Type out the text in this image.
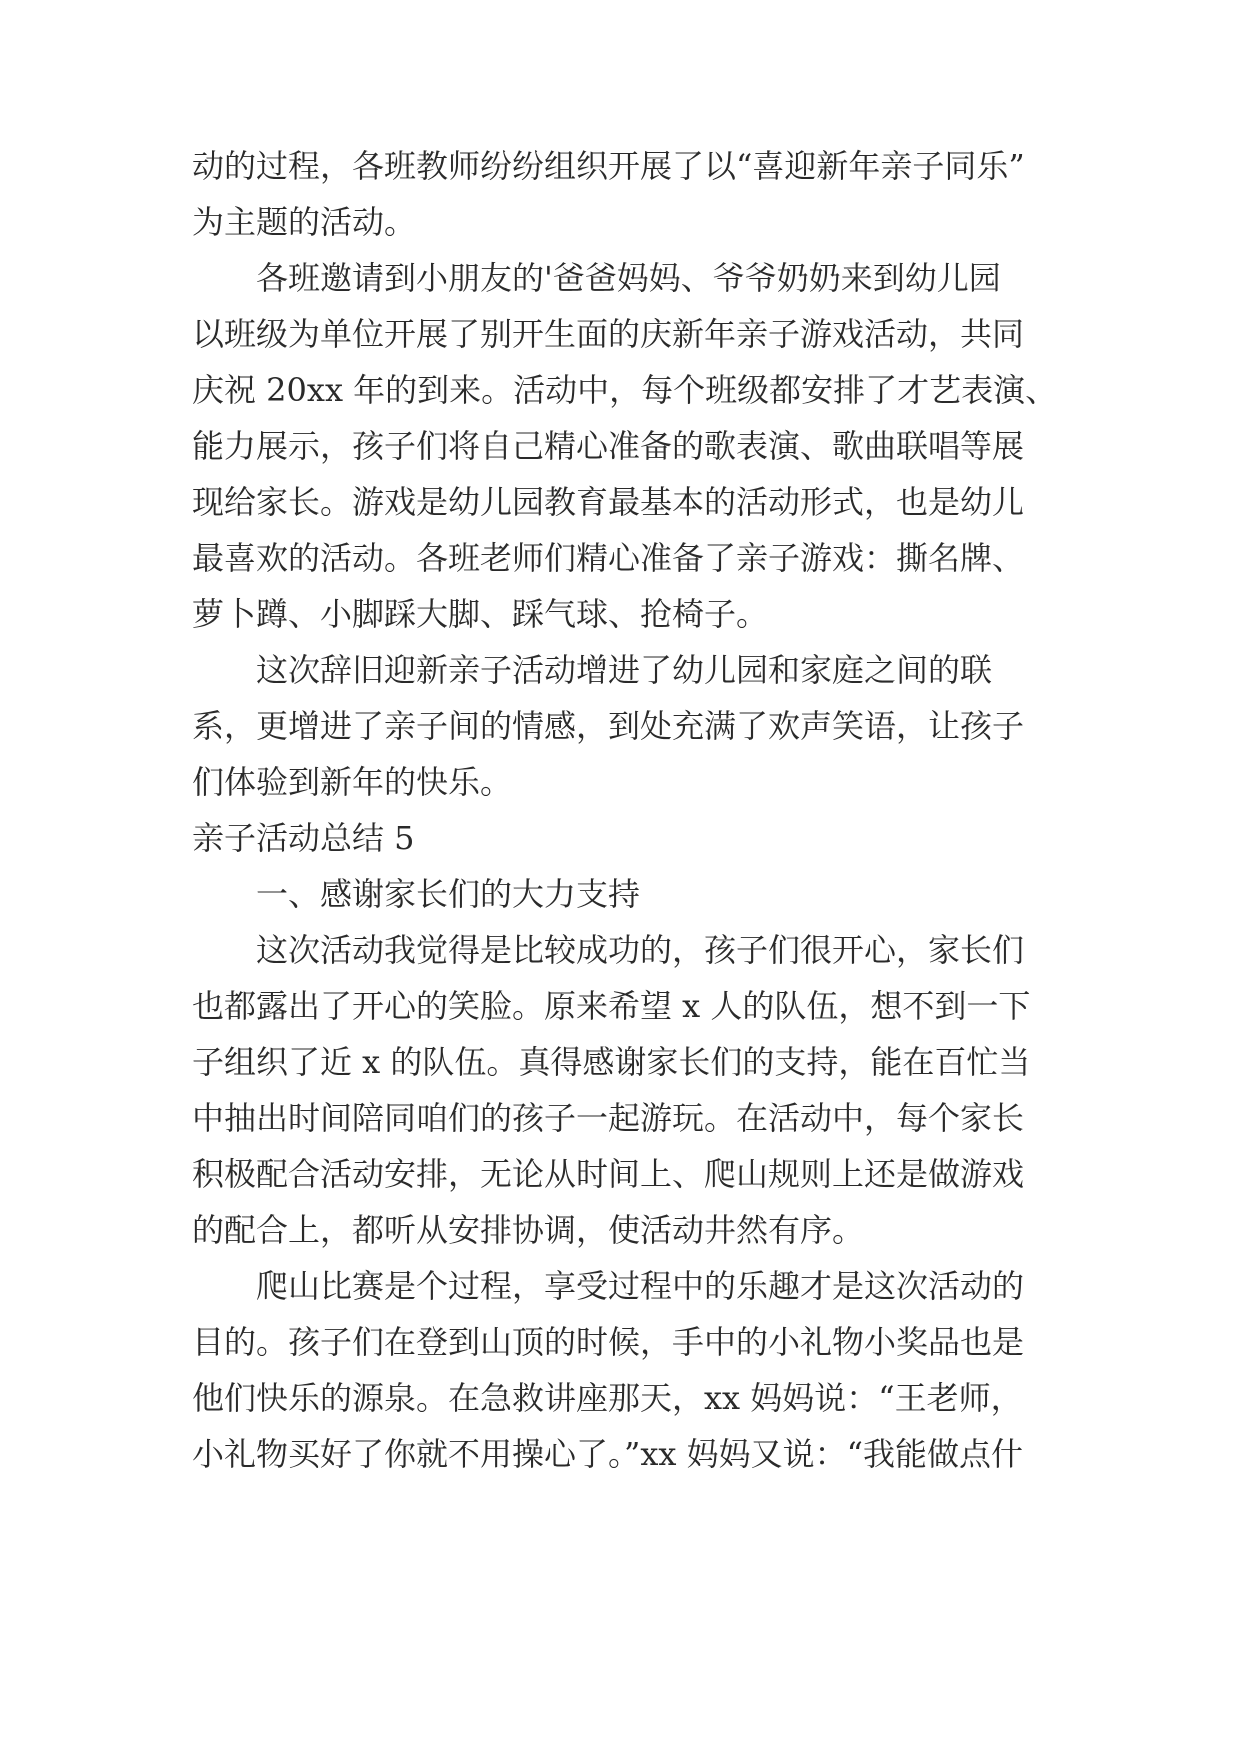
动的过程，各班教师纷纷组织开展了以“喜迎新年亲子同乐”
为主题的活动。
各班邀请到小朋友的'爸爸妈妈、爷爷奶奶来到幼儿园
以班级为单位开展了别开生面的庆新年亲子游戏活动，共同
庆祝 20xx 年的到来。活动中，每个班级都安排了才艺表演、
能力展示，孩子们将自己精心准备的歌表演、歌曲联唱等展
现给家长。游戏是幼儿园教育最基本的活动形式，也是幼儿
最喜欢的活动。各班老师们精心准备了亲子游戏：撕名牌、
萝卜蹲、小脚踩大脚、踩气球、抢椅子。
这次辞旧迎新亲子活动增进了幼儿园和家庭之间的联
系，更增进了亲子间的情感，到处充满了欢声笑语，让孩子
们体验到新年的快乐。
亲子活动总结 5
一、感谢家长们的大力支持
这次活动我觉得是比较成功的，孩子们很开心，家长们
也都露出了开心的笑脸。原来希望 x 人的队伍，想不到一下
子组织了近 x 的队伍。真得感谢家长们的支持，能在百忙当
中抽出时间陪同咱们的孩子一起游玩。在活动中，每个家长
积极配合活动安排，无论从时间上、爬山规则上还是做游戏
的配合上，都听从安排协调，使活动井然有序。
爬山比赛是个过程，享受过程中的乐趣才是这次活动的
目的。孩子们在登到山顶的时候，手中的小礼物小奖品也是
他们快乐的源泉。在急救讲座那天，xx 妈妈说：“王老师，
小礼物买好了你就不用操心了。”xx 妈妈又说：“我能做点什
